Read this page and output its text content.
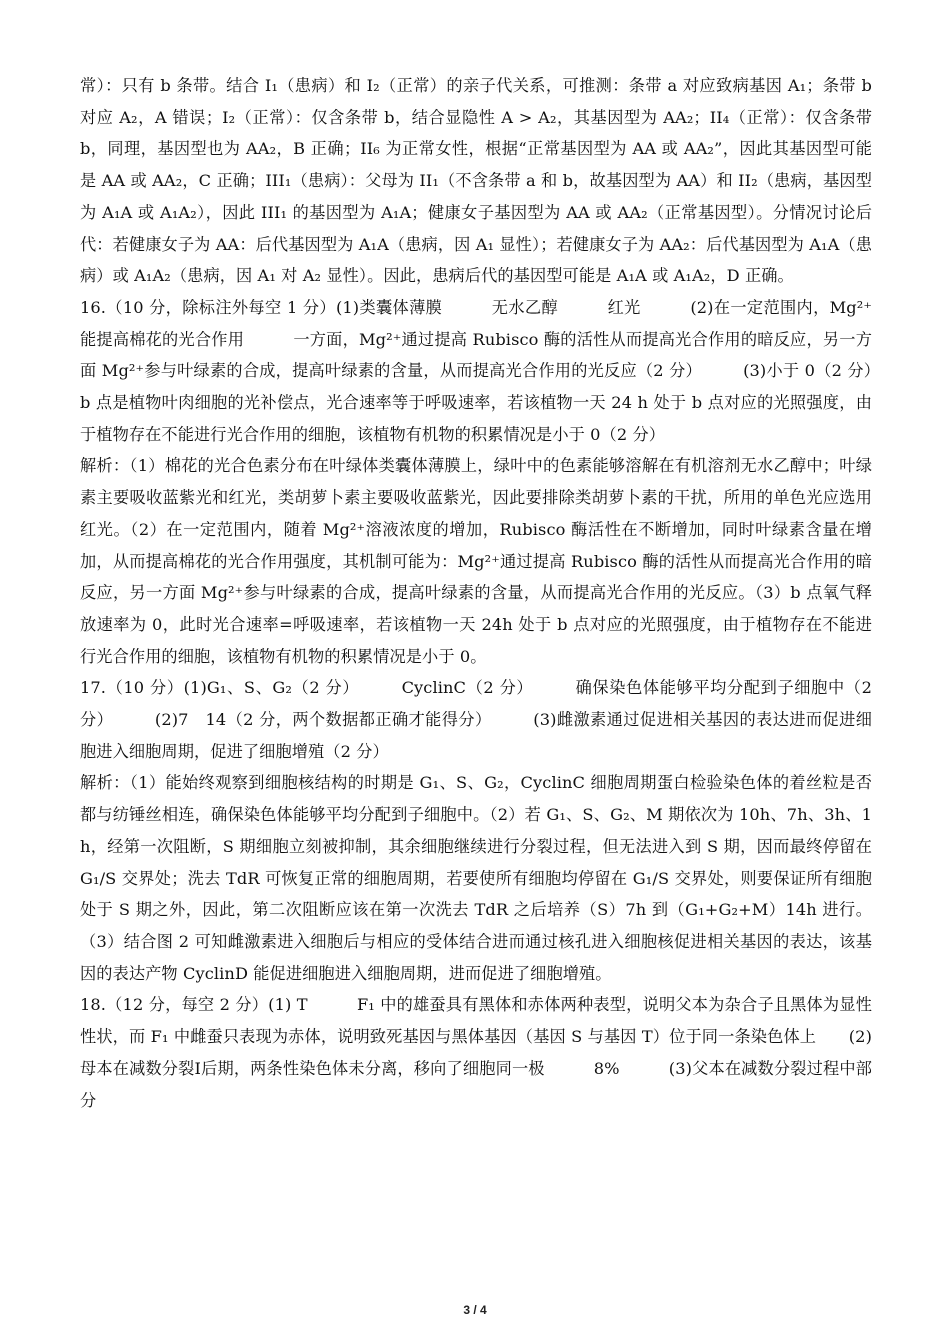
常）：只有 b 条带。结合 I₁（患病）和 I₂（正常）的亲子代关系，可推测：条带 a 对应致病基因 A₁；条带 b 对应 A₂，A 错误；I₂（正常）：仅含条带 b，结合显隐性 A > A₂，其基因型为 AA₂；II₄（正常）：仅含条带 b，同理，基因型也为 AA₂，B 正确；II₆ 为正常女性，根据“正常基因型为 AA 或 AA₂”，因此其基因型可能是 AA 或 AA₂，C 正确；III₁（患病）：父母为 II₁（不含条带 a 和 b，故基因型为 AA）和 II₂（患病，基因型为 A₁A 或 A₁A₂），因此 III₁ 的基因型为 A₁A；健康女子基因型为 AA 或 AA₂（正常基因型）。分情况讨论后代：若健康女子为 AA：后代基因型为 A₁A（患病，因 A₁ 显性）；若健康女子为 AA₂：后代基因型为 A₁A（患病）或 A₁A₂（患病，因 A₁ 对 A₂ 显性）。因此，患病后代的基因型可能是 A₁A 或 A₁A₂，D 正确。

16.（10 分，除标注外每空 1 分）(1)类囊体薄膜　　　无水乙醇　　　红光　　　(2)在一定范围内，Mg²⁺能提高棉花的光合作用　　　一方面，Mg²⁺通过提高 Rubisco 酶的活性从而提高光合作用的暗反应，另一方面 Mg²⁺参与叶绿素的合成，提高叶绿素的含量，从而提高光合作用的光反应（2 分）　　　(3)小于 0（2 分）　　　b 点是植物叶肉细胞的光补偿点，光合速率等于呼吸速率，若该植物一天 24 h 处于 b 点对应的光照强度，由于植物存在不能进行光合作用的细胞，该植物有机物的积累情况是小于 0（2 分）

解析：（1）棉花的光合色素分布在叶绿体类囊体薄膜上，绿叶中的色素能够溶解在有机溶剂无水乙醇中；叶绿素主要吸收蓝紫光和红光，类胡萝卜素主要吸收蓝紫光，因此要排除类胡萝卜素的干扰，所用的单色光应选用红光。（2）在一定范围内，随着 Mg²⁺溶液浓度的增加，Rubisco 酶活性在不断增加，同时叶绿素含量在增加，从而提高棉花的光合作用强度，其机制可能为：Mg²⁺通过提高 Rubisco 酶的活性从而提高光合作用的暗反应，另一方面 Mg²⁺参与叶绿素的合成，提高叶绿素的含量，从而提高光合作用的光反应。（3）b 点氧气释放速率为 0，此时光合速率=呼吸速率，若该植物一天 24h 处于 b 点对应的光照强度，由于植物存在不能进行光合作用的细胞，该植物有机物的积累情况是小于 0。

17.（10 分）(1)G₁、S、G₂（2 分）　　　CyclinC（2 分）　　　确保染色体能够平均分配到子细胞中（2 分）　　　(2)7　14（2 分，两个数据都正确才能得分）　　　(3)雌激素通过促进相关基因的表达进而促进细胞进入细胞周期，促进了细胞增殖（2 分）

解析：（1）能始终观察到细胞核结构的时期是 G₁、S、G₂，CyclinC 细胞周期蛋白检验染色体的着丝粒是否都与纺锤丝相连，确保染色体能够平均分配到子细胞中。（2）若 G₁、S、G₂、M 期依次为 10h、7h、3h、1h，经第一次阻断，S 期细胞立刻被抑制，其余细胞继续进行分裂过程，但无法进入到 S 期，因而最终停留在 G₁/S 交界处；洗去 TdR 可恢复正常的细胞周期，若要使所有细胞均停留在 G₁/S 交界处，则要保证所有细胞处于 S 期之外，因此，第二次阻断应该在第一次洗去 TdR 之后培养（S）7h 到（G₁+G₂+M）14h 进行。（3）结合图 2 可知雌激素进入细胞后与相应的受体结合进而通过核孔进入细胞核促进相关基因的表达，该基因的表达产物 CyclinD 能促进细胞进入细胞周期，进而促进了细胞增殖。

18.（12 分，每空 2 分）(1) T　　　F₁ 中的雄蚕具有黑体和赤体两种表型，说明父本为杂合子且黑体为显性性状，而 F₁ 中雌蚕只表现为赤体，说明致死基因与黑体基因（基因 S 与基因 T）位于同一条染色体上　　(2)母本在减数分裂Ⅰ后期，两条性染色体未分离，移向了细胞同一极　　　8%　　　(3)父本在减数分裂过程中部分

3 / 4
